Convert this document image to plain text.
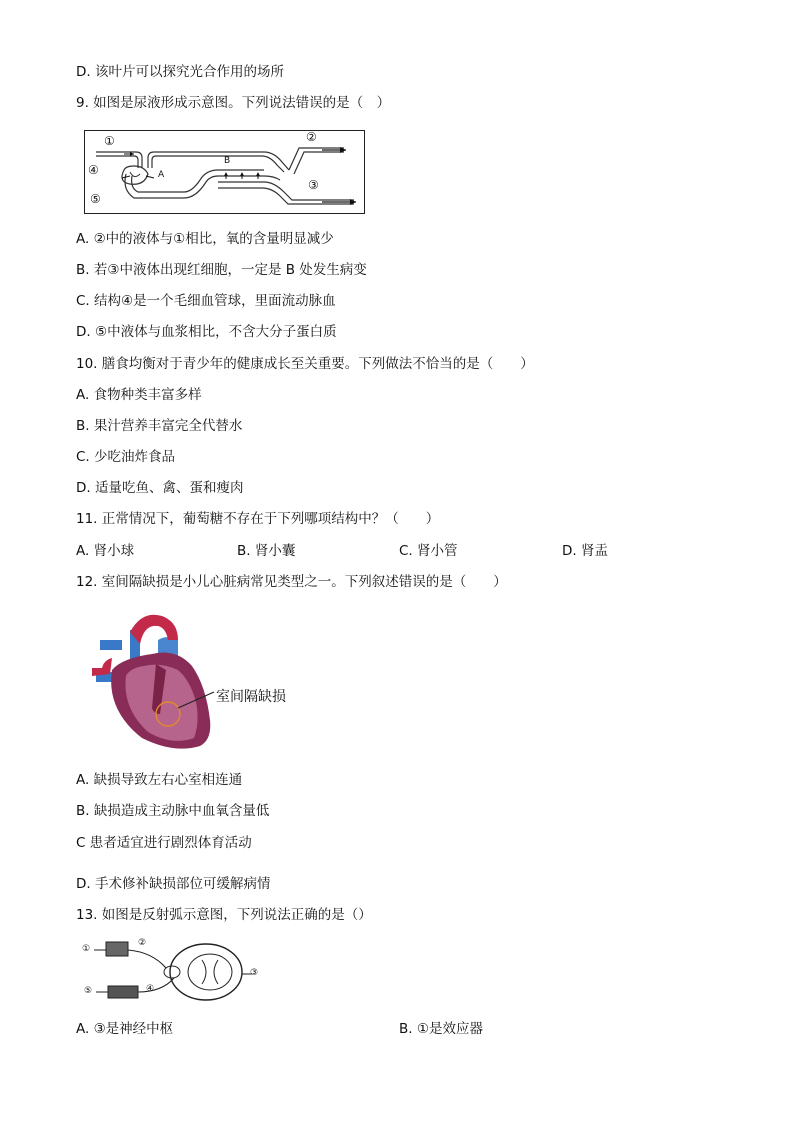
D. 该叶片可以探究光合作用的场所
9. 如图是尿液形成示意图。下列说法错误的是（　）
①	②
③
④
⑤
A
B
A. ②中的液体与①相比，氧的含量明显减少
B. 若③中液体出现红细胞，一定是 B 处发生病变
C. 结构④是一个毛细血管球，里面流动脉血
D. ⑤中液体与血浆相比，不含大分子蛋白质
10. 膳食均衡对于青少年的健康成长至关重要。下列做法不恰当的是（　　）
A. 食物种类丰富多样
B. 果汁营养丰富完全代替水
C. 少吃油炸食品
D. 适量吃鱼、禽、蛋和瘦肉
11. 正常情况下，葡萄糖不存在于下列哪项结构中？（　　）
A. 肾小球	B. 肾小囊	C. 肾小管	D. 肾盂
12. 室间隔缺损是小儿心脏病常见类型之一。下列叙述错误的是（　　）
室间隔缺损
A. 缺损导致左右心室相连通
B. 缺损造成主动脉中血氧含量低
C 患者适宜进行剧烈体育活动
D. 手术修补缺损部位可缓解病情
13. 如图是反射弧示意图，下列说法正确的是（）
①
②
③
④
⑤
A. ③是神经中枢	B. ①是效应器
